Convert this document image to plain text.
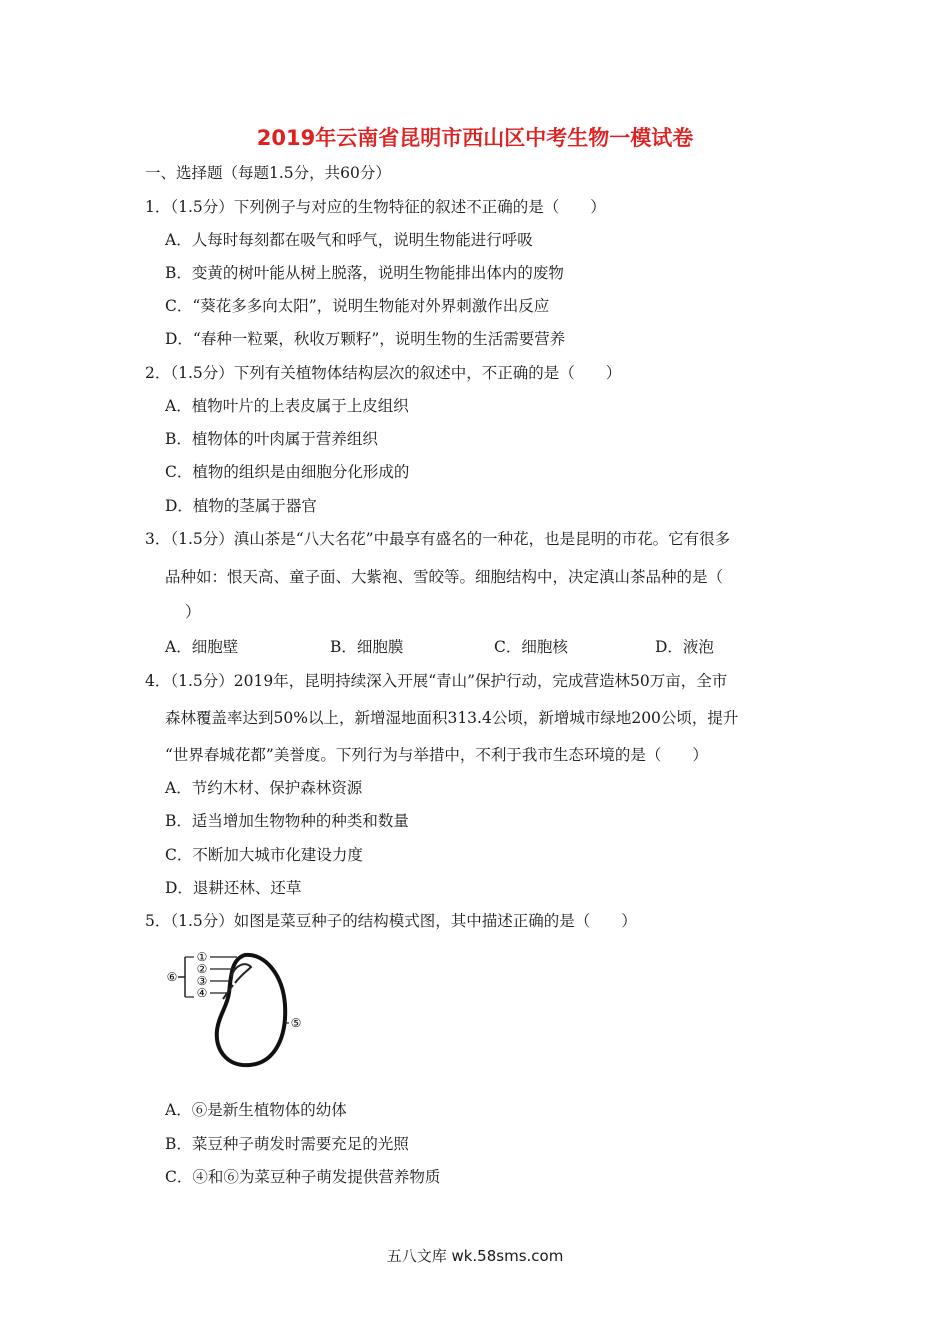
2019年云南省昆明市西山区中考生物一模试卷
一、选择题（每题1.5分，共60分）
1．（1.5分）下列例子与对应的生物特征的叙述不正确的是（　　）
A．人每时每刻都在吸气和呼气，说明生物能进行呼吸
B．变黄的树叶能从树上脱落，说明生物能排出体内的废物
C．“葵花多多向太阳”，说明生物能对外界刺激作出反应
D．“春种一粒粟，秋收万颗籽”，说明生物的生活需要营养
2．（1.5分）下列有关植物体结构层次的叙述中，不正确的是（　　）
A．植物叶片的上表皮属于上皮组织
B．植物体的叶肉属于营养组织
C．植物的组织是由细胞分化形成的
D．植物的茎属于器官
3．（1.5分）滇山茶是“八大名花”中最享有盛名的一种花，也是昆明的市花。它有很多
品种如：恨天高、童子面、大紫袍、雪皎等。细胞结构中，决定滇山茶品种的是（
）
A．细胞壁	B．细胞膜	C．细胞核	D．液泡
4．（1.5分）2019年，昆明持续深入开展“青山”保护行动，完成营造林50万亩，全市
森林覆盖率达到50%以上，新增湿地面积313.4公顷，新增城市绿地200公顷，提升
“世界春城花都”美誉度。下列行为与举措中，不利于我市生态环境的是（　　）
A．节约木材、保护森林资源
B．适当增加生物物种的种类和数量
C．不断加大城市化建设力度
D．退耕还林、还草
5．（1.5分）如图是菜豆种子的结构模式图，其中描述正确的是（　　）
①
②
③
④
⑤
⑥
A．⑥是新生植物体的幼体
B．菜豆种子萌发时需要充足的光照
C．④和⑥为菜豆种子萌发提供营养物质
五八文库 wk.58sms.com
